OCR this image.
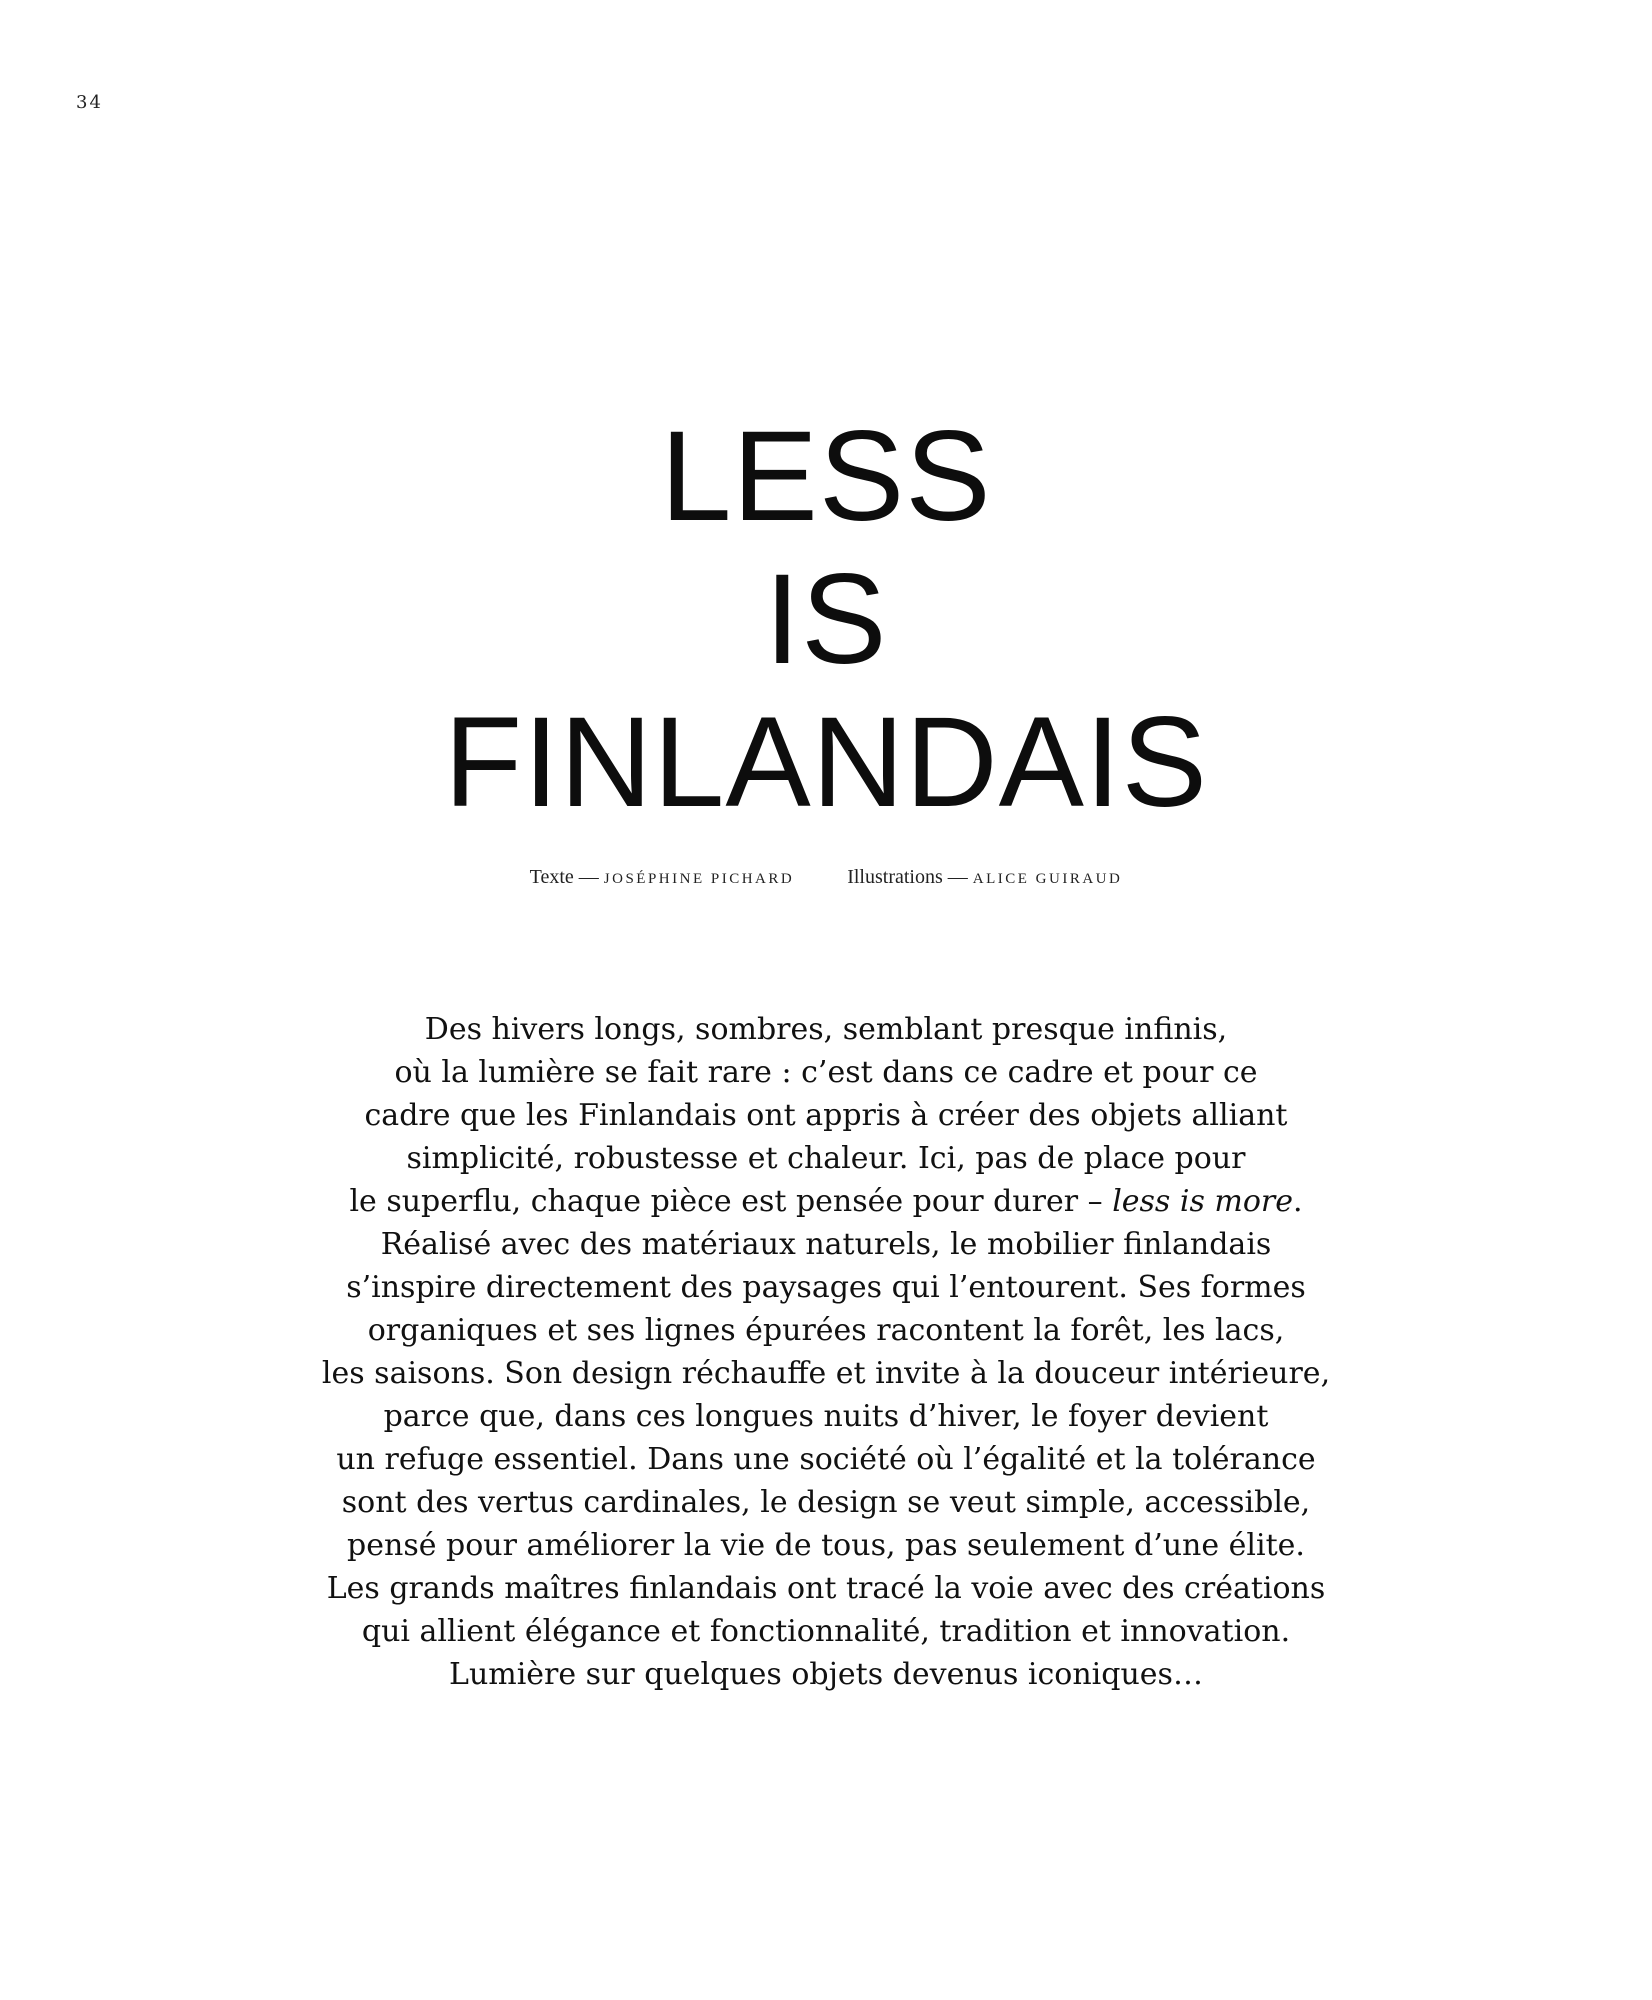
34
LESS
IS
FINLANDAIS
Texte — JOSÉPHINE PICHARD	Illustrations — ALICE GUIRAUD

Des hivers longs, sombres, semblant presque infinis,
où la lumière se fait rare : c’est dans ce cadre et pour ce
cadre que les Finlandais ont appris à créer des objets alliant
simplicité, robustesse et chaleur. Ici, pas de place pour
le superflu, chaque pièce est pensée pour durer – less is more.
Réalisé avec des matériaux naturels, le mobilier finlandais
s’inspire directement des paysages qui l’entourent. Ses formes
organiques et ses lignes épurées racontent la forêt, les lacs,
les saisons. Son design réchauffe et invite à la douceur intérieure,
parce que, dans ces longues nuits d’hiver, le foyer devient
un refuge essentiel. Dans une société où l’égalité et la tolérance
sont des vertus cardinales, le design se veut simple, accessible,
pensé pour améliorer la vie de tous, pas seulement d’une élite.
Les grands maîtres finlandais ont tracé la voie avec des créations
qui allient élégance et fonctionnalité, tradition et innovation.
Lumière sur quelques objets devenus iconiques…
